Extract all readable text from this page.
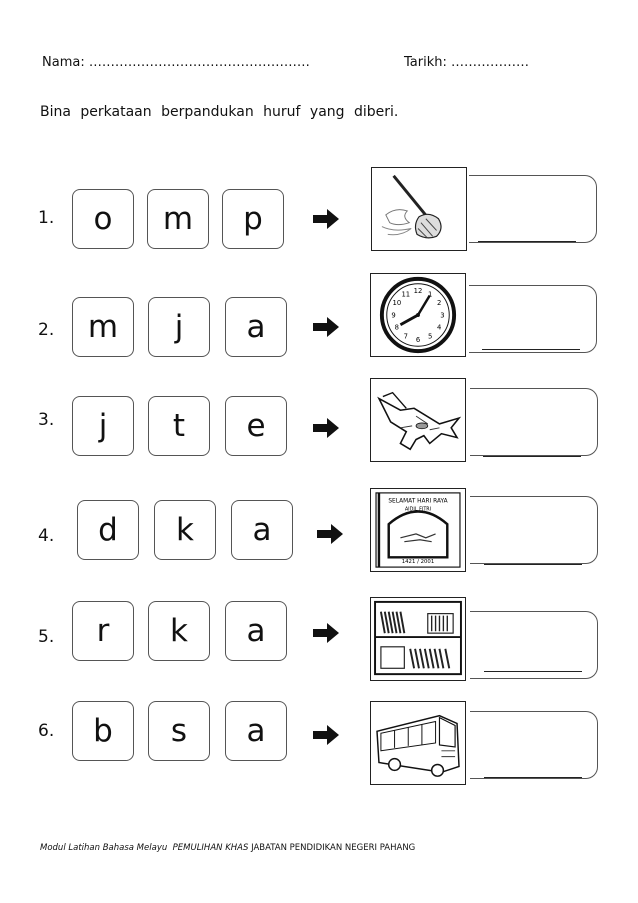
Nama: ……………………………………………	Tarikh: ………………
Bina perkataan berpandukan huruf yang diberi.
1.	o	m	p
2.	m	j	a
12 1
2
3
4
5
6
7
8
9
10
11
3.	j	t	e
4.	d	k	a
SELAMAT HARI RAYA
AIDIL FITRI
1421 / 2001
5.	r	k	a
6.	b	s	a
Modul Latihan Bahasa Melayu PEMULIHAN KHAS JABATAN PENDIDIKAN NEGERI PAHANG
